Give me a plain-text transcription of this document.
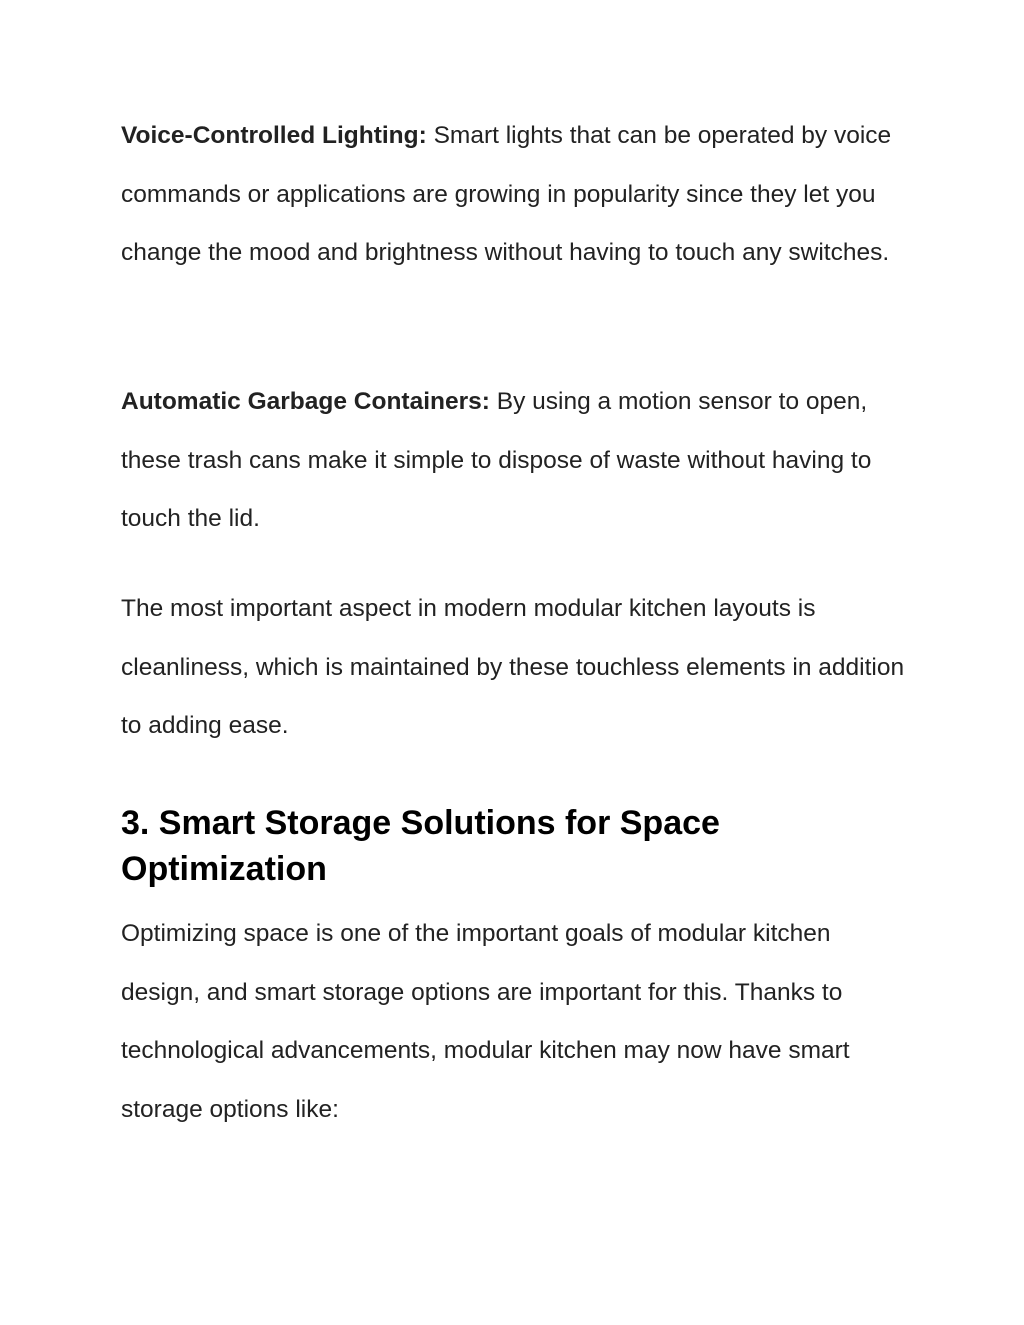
Voice-Controlled Lighting: Smart lights that can be operated by voice commands or applications are growing in popularity since they let you change the mood and brightness without having to touch any switches.

Automatic Garbage Containers: By using a motion sensor to open, these trash cans make it simple to dispose of waste without having to touch the lid.

The most important aspect in modern modular kitchen layouts is cleanliness, which is maintained by these touchless elements in addition to adding ease.

3. Smart Storage Solutions for Space Optimization

Optimizing space is one of the important goals of modular kitchen design, and smart storage options are important for this. Thanks to technological advancements, modular kitchen may now have smart storage options like:
